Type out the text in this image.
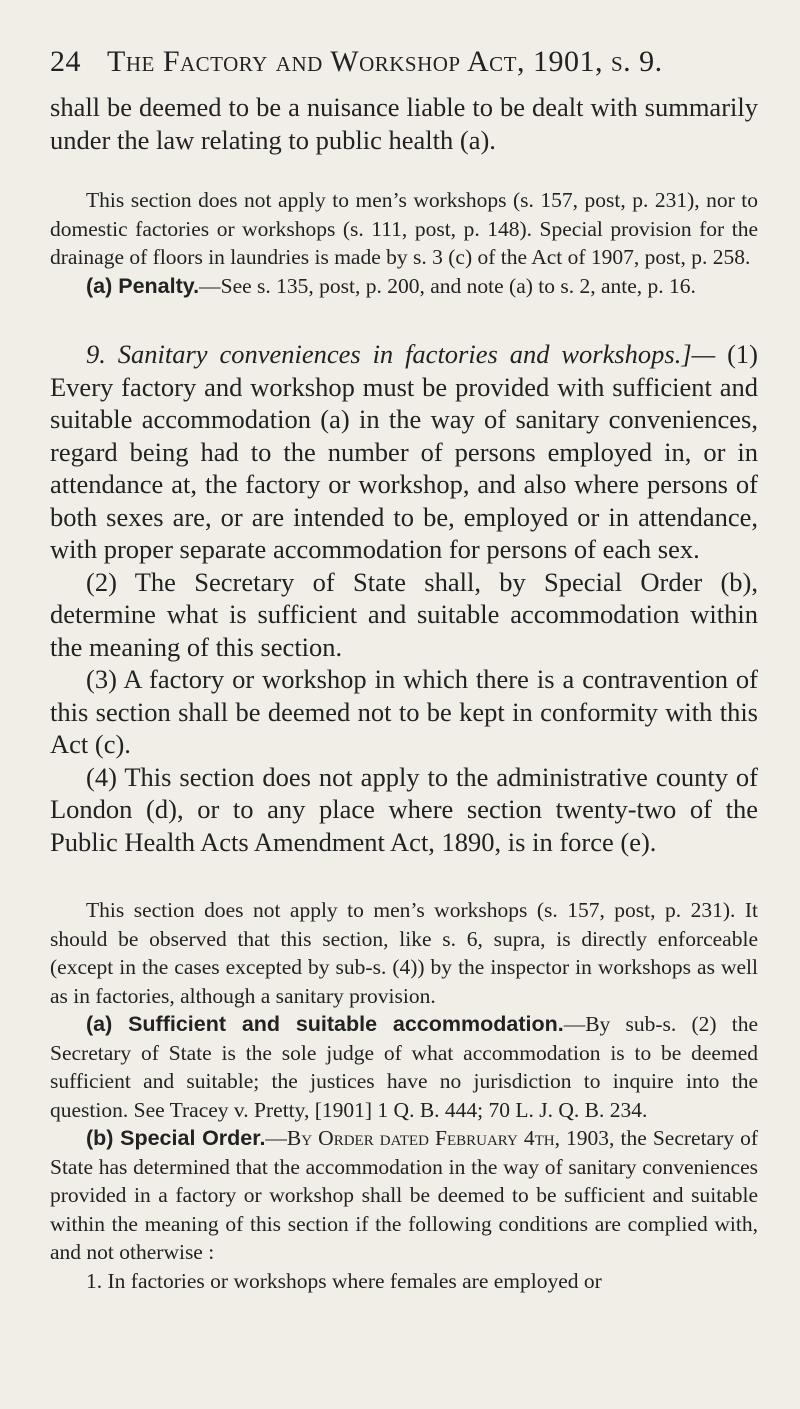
24 The Factory and Workshop Act, 1901, s. 9.

shall be deemed to be a nuisance liable to be dealt with summarily under the law relating to public health (a).

This section does not apply to men’s workshops (s. 157, post, p. 231), nor to domestic factories or workshops (s. 111, post, p. 148). Special provision for the drainage of floors in laundries is made by s. 3 (c) of the Act of 1907, post, p. 258.

(a) Penalty.—See s. 135, post, p. 200, and note (a) to s. 2, ante, p. 16.

9. Sanitary conveniences in factories and workshops.]— (1) Every factory and workshop must be provided with sufficient and suitable accommodation (a) in the way of sanitary conveniences, regard being had to the number of persons employed in, or in attendance at, the factory or workshop, and also where persons of both sexes are, or are intended to be, employed or in attendance, with proper separate accommodation for persons of each sex.

(2) The Secretary of State shall, by Special Order (b), determine what is sufficient and suitable accommodation within the meaning of this section.

(3) A factory or workshop in which there is a contravention of this section shall be deemed not to be kept in conformity with this Act (c).

(4) This section does not apply to the administrative county of London (d), or to any place where section twenty-two of the Public Health Acts Amendment Act, 1890, is in force (e).

This section does not apply to men’s workshops (s. 157, post, p. 231). It should be observed that this section, like s. 6, supra, is directly enforceable (except in the cases excepted by sub-s. (4)) by the inspector in workshops as well as in factories, although a sanitary provision.

(a) Sufficient and suitable accommodation.—By sub-s. (2) the Secretary of State is the sole judge of what accommodation is to be deemed sufficient and suitable; the justices have no jurisdiction to inquire into the question. See Tracey v. Pretty, [1901] 1 Q. B. 444; 70 L. J. Q. B. 234.

(b) Special Order.—By Order dated February 4th, 1903, the Secretary of State has determined that the accommodation in the way of sanitary conveniences provided in a factory or workshop shall be deemed to be sufficient and suitable within the meaning of this section if the following conditions are complied with, and not otherwise :

1. In factories or workshops where females are employed or
